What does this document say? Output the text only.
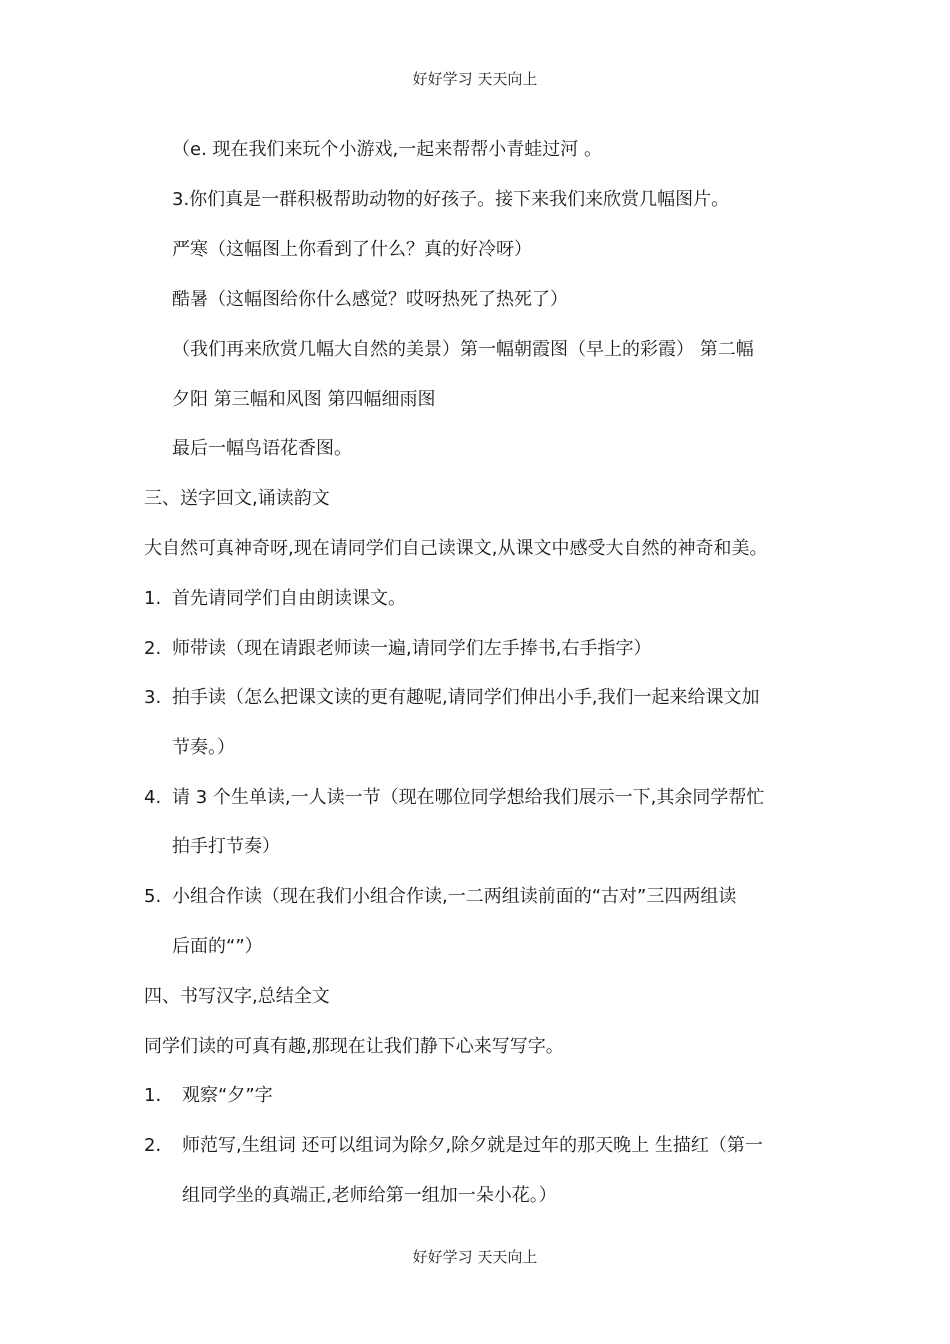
好好学习 天天向上
（e. 现在我们来玩个小游戏,一起来帮帮小青蛙过河 。
3.你们真是一群积极帮助动物的好孩子。接下来我们来欣赏几幅图片。
严寒（这幅图上你看到了什么？真的好冷呀）
酷暑（这幅图给你什么感觉？哎呀热死了热死了）
（我们再来欣赏几幅大自然的美景）第一幅朝霞图（早上的彩霞） 第二幅
夕阳 第三幅和风图 第四幅细雨图
最后一幅鸟语花香图。
三、送字回文,诵读韵文
大自然可真神奇呀,现在请同学们自己读课文,从课文中感受大自然的神奇和美。
1. 首先请同学们自由朗读课文。
2. 师带读（现在请跟老师读一遍,请同学们左手捧书,右手指字）
3. 拍手读（怎么把课文读的更有趣呢,请同学们伸出小手,我们一起来给课文加
节奏。）
4. 请 3 个生单读,一人读一节（现在哪位同学想给我们展示一下,其余同学帮忙
拍手打节奏）
5. 小组合作读（现在我们小组合作读,一二两组读前面的“古对”三四两组读
后面的“”）
四、书写汉字,总结全文
同学们读的可真有趣,那现在让我们静下心来写写字。
1． 观察“夕”字
2． 师范写,生组词 还可以组词为除夕,除夕就是过年的那天晚上 生描红（第一
组同学坐的真端正,老师给第一组加一朵小花。）
好好学习 天天向上
